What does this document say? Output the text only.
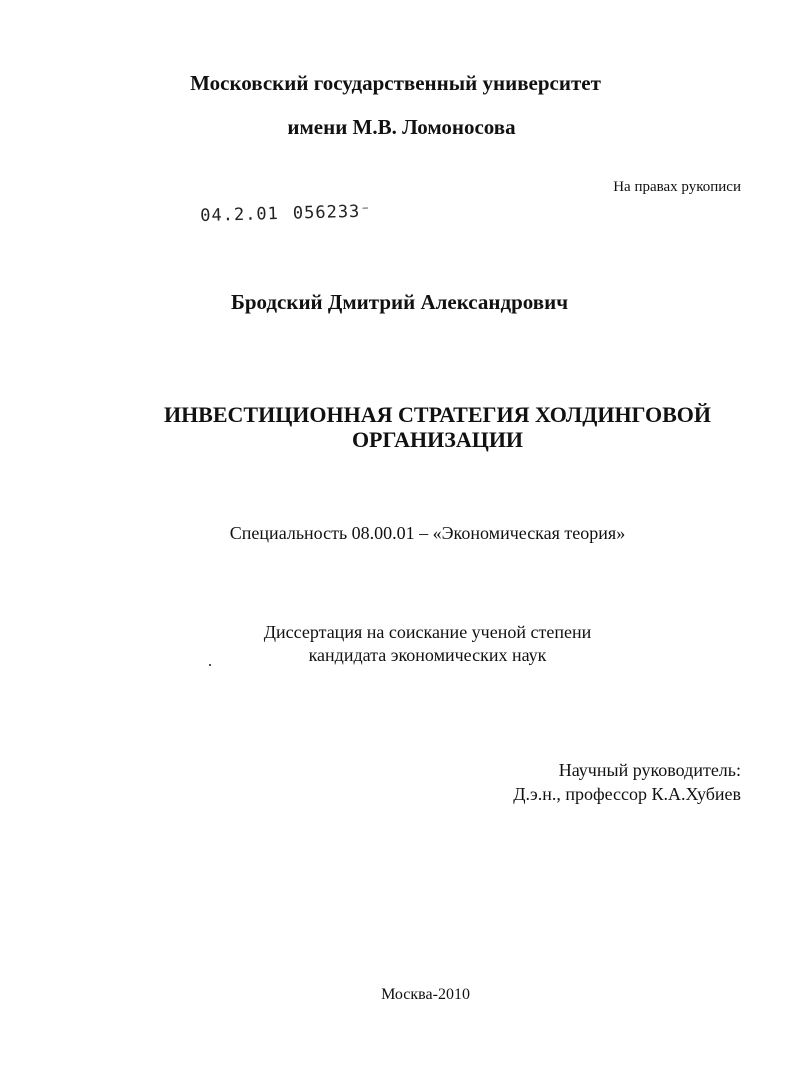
Московский государственный университет
имени М.В. Ломоносова
На правах рукописи
04.2.01 056233⁻
Бродский Дмитрий Александрович
ИНВЕСТИЦИОННАЯ СТРАТЕГИЯ ХОЛДИНГОВОЙ
ОРГАНИЗАЦИИ
Специальность 08.00.01 – «Экономическая теория»
Диссертация на соискание ученой степени
кандидата экономических наук
Научный руководитель:
Д.э.н., профессор К.А.Хубиев
Москва-2010
